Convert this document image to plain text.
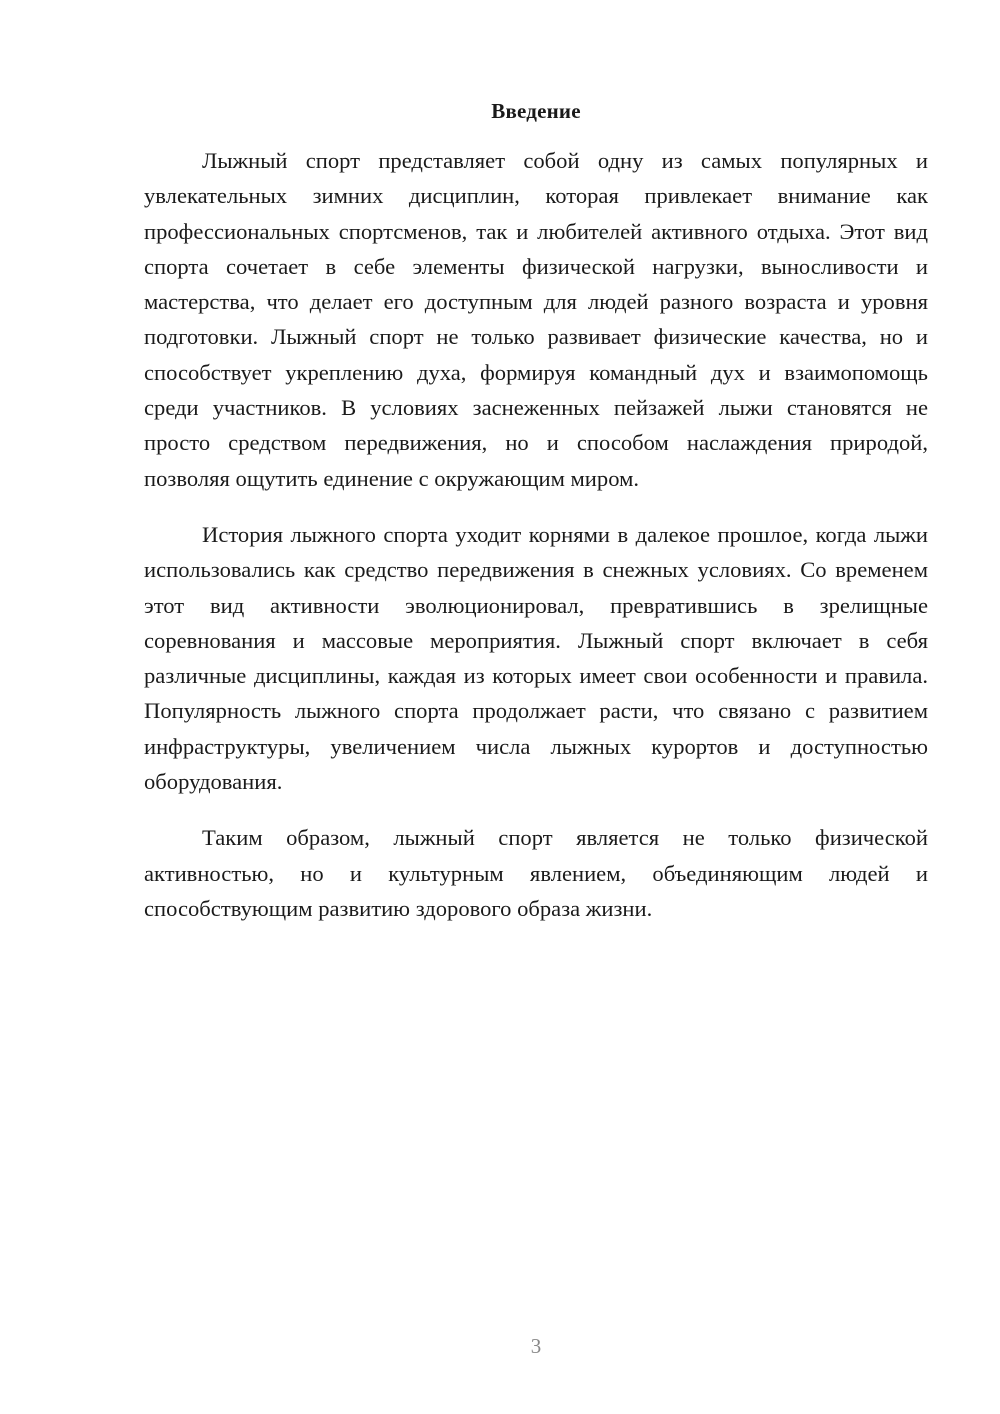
Введение

Лыжный спорт представляет собой одну из самых популярных и увлекательных зимних дисциплин, которая привлекает внимание как профессиональных спортсменов, так и любителей активного отдыха. Этот вид спорта сочетает в себе элементы физической нагрузки, выносливости и мастерства, что делает его доступным для людей разного возраста и уровня подготовки. Лыжный спорт не только развивает физические качества, но и способствует укреплению духа, формируя командный дух и взаимопомощь среди участников. В условиях заснеженных пейзажей лыжи становятся не просто средством передвижения, но и способом наслаждения природой, позволяя ощутить единение с окружающим миром.

История лыжного спорта уходит корнями в далекое прошлое, когда лыжи использовались как средство передвижения в снежных условиях. Со временем этот вид активности эволюционировал, превратившись в зрелищные соревнования и массовые мероприятия. Лыжный спорт включает в себя различные дисциплины, каждая из которых имеет свои особенности и правила. Популярность лыжного спорта продолжает расти, что связано с развитием инфраструктуры, увеличением числа лыжных курортов и доступностью оборудования.

Таким образом, лыжный спорт является не только физической активностью, но и культурным явлением, объединяющим людей и способствующим развитию здорового образа жизни.

3
